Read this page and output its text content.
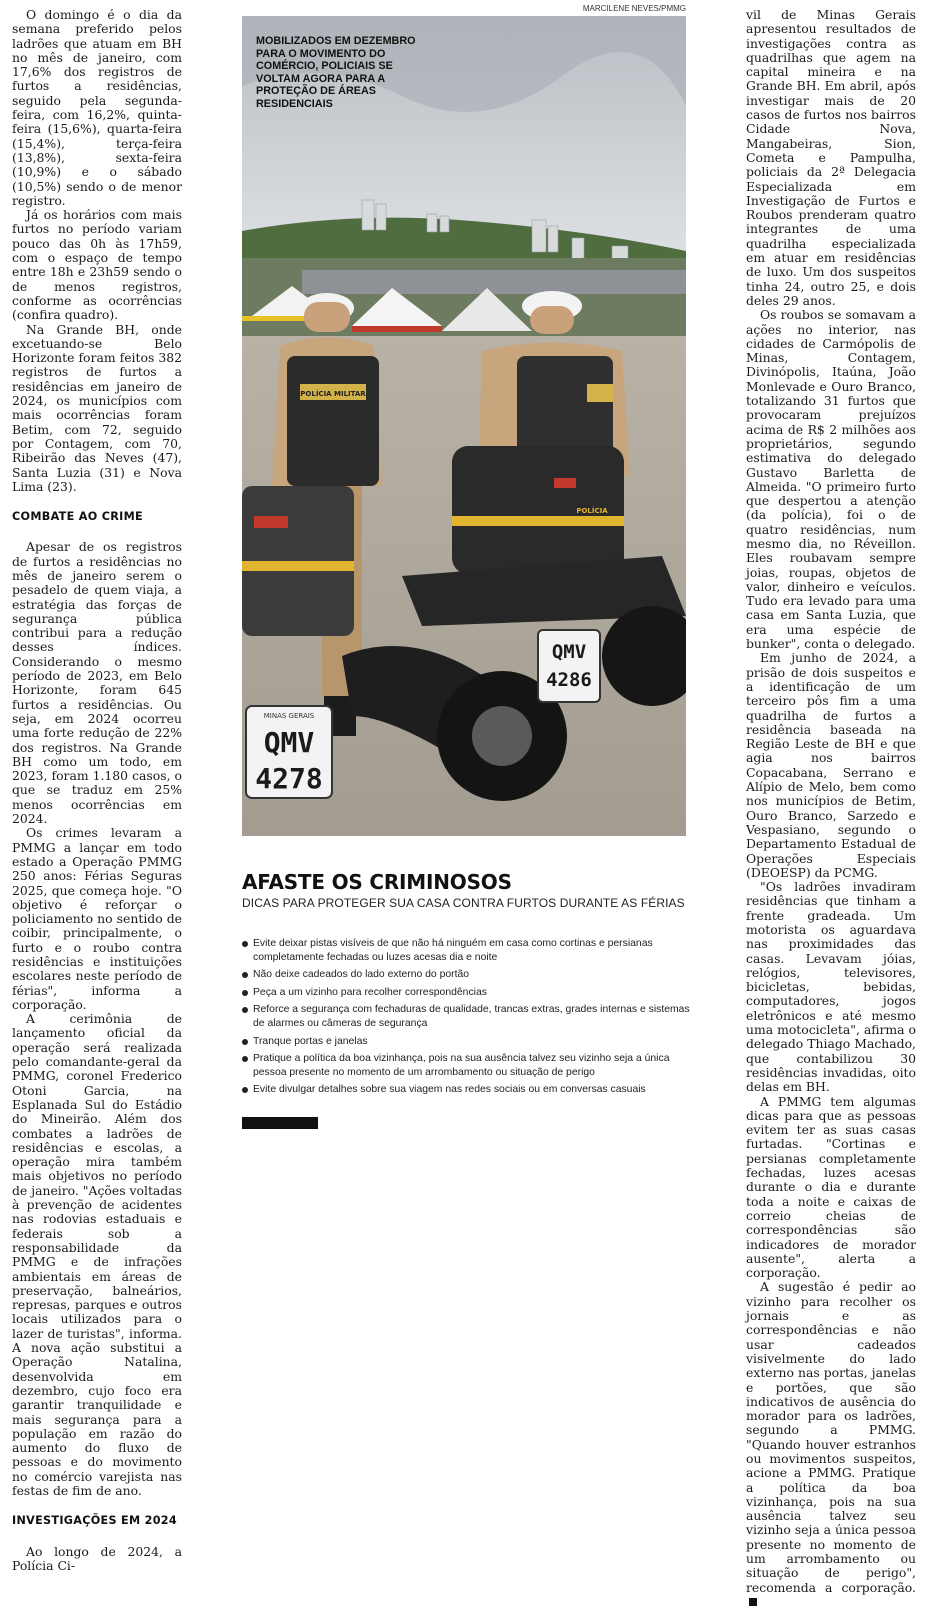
O domingo é o dia da semana preferido pelos ladrões que atuam em BH no mês de janeiro, com 17,6% dos registros de furtos a residências, seguido pela segunda-feira, com 16,2%, quinta-feira (15,6%), quarta-feira (15,4%), terça-feira (13,8%), sexta-feira (10,9%) e o sábado (10,5%) sendo o de menor registro.

Já os horários com mais furtos no período variam pouco das 0h às 17h59, com o espaço de tempo entre 18h e 23h59 sendo o de menos registros, conforme as ocorrências (confira quadro).

Na Grande BH, onde excetuando-se Belo Horizonte foram feitos 382 registros de furtos a residências em janeiro de 2024, os municípios com mais ocorrências foram Betim, com 72, seguido por Contagem, com 70, Ribeirão das Neves (47), Santa Luzia (31) e Nova Lima (23).

COMBATE AO CRIME

Apesar de os registros de furtos a residências no mês de janeiro serem o pesadelo de quem viaja, a estratégia das forças de segurança pública contribui para a redução desses índices. Considerando o mesmo período de 2023, em Belo Horizonte, foram 645 furtos a residências. Ou seja, em 2024 ocorreu uma forte redução de 22% dos registros. Na Grande BH como um todo, em 2023, foram 1.180 casos, o que se traduz em 25% menos ocorrências em 2024.

Os crimes levaram a PMMG a lançar em todo estado a Operação PMMG 250 anos: Férias Seguras 2025, que começa hoje. "O objetivo é reforçar o policiamento no sentido de coibir, principalmente, o furto e o roubo contra residências e instituições escolares neste período de férias", informa a corporação.

A cerimônia de lançamento oficial da operação será realizada pelo comandante-geral da PMMG, coronel Frederico Otoni Garcia, na Esplanada Sul do Estádio do Mineirão. Além dos combates a ladrões de residências e escolas, a operação mira também mais objetivos no período de janeiro. "Ações voltadas à prevenção de acidentes nas rodovias estaduais e federais sob a responsabilidade da PMMG e de infrações ambientais em áreas de preservação, balneários, represas, parques e outros locais utilizados para o lazer de turistas", informa. A nova ação substitui a Operação Natalina, desenvolvida em dezembro, cujo foco era garantir tranquilidade e mais segurança para a população em razão do aumento do fluxo de pessoas e do movimento no comércio varejista nas festas de fim de ano.

INVESTIGAÇÕES EM 2024

Ao longo de 2024, a Polícia Ci-

MARCILENE NEVES/PMMG
POLÍCIA MILITAR
MINAS GERAIS
QMV
4278
POLÍCIA
QMV
4286
MOBILIZADOS EM DEZEMBRO PARA O MOVIMENTO DO COMÉRCIO, POLICIAIS SE VOLTAM AGORA PARA A PROTEÇÃO DE ÁREAS RESIDENCIAIS
AFASTE OS CRIMINOSOS
DICAS PARA PROTEGER SUA CASA CONTRA FURTOS DURANTE AS FÉRIAS
Evite deixar pistas visíveis de que não há ninguém em casa como cortinas e persianas completamente fechadas ou luzes acesas dia e noite
Não deixe cadeados do lado externo do portão
Peça a um vizinho para recolher correspondências
Reforce a segurança com fechaduras de qualidade, trancas extras, grades internas e sistemas de alarmes ou câmeras de segurança
Tranque portas e janelas
Pratique a política da boa vizinhança, pois na sua ausência talvez seu vizinho seja a única pessoa presente no momento de um arrombamento ou situação de perigo
Evite divulgar detalhes sobre sua viagem nas redes sociais ou em conversas casuais

vil de Minas Gerais apresentou resultados de investigações contra as quadrilhas que agem na capital mineira e na Grande BH. Em abril, após investigar mais de 20 casos de furtos nos bairros Cidade Nova, Mangabeiras, Sion, Cometa e Pampulha, policiais da 2ª Delegacia Especializada em Investigação de Furtos e Roubos prenderam quatro integrantes de uma quadrilha especializada em atuar em residências de luxo. Um dos suspeitos tinha 24, outro 25, e dois deles 29 anos.

Os roubos se somavam a ações no interior, nas cidades de Carmópolis de Minas, Contagem, Divinópolis, Itaúna, João Monlevade e Ouro Branco, totalizando 31 furtos que provocaram prejuízos acima de R$ 2 milhões aos proprietários, segundo estimativa do delegado Gustavo Barletta de Almeida. "O primeiro furto que despertou a atenção (da polícia), foi o de quatro residências, num mesmo dia, no Réveillon. Eles roubavam sempre joias, roupas, objetos de valor, dinheiro e veículos. Tudo era levado para uma casa em Santa Luzia, que era uma espécie de bunker", conta o delegado.

Em junho de 2024, a prisão de dois suspeitos e a identificação de um terceiro pôs fim a uma quadrilha de furtos a residência baseada na Região Leste de BH e que agia nos bairros Copacabana, Serrano e Alípio de Melo, bem como nos municípios de Betim, Ouro Branco, Sarzedo e Vespasiano, segundo o Departamento Estadual de Operações Especiais (DEOESP) da PCMG.

"Os ladrões invadiram residências que tinham a frente gradeada. Um motorista os aguardava nas proximidades das casas. Levavam jóias, relógios, televisores, bicicletas, bebidas, computadores, jogos eletrônicos e até mesmo uma motocicleta", afirma o delegado Thiago Machado, que contabilizou 30 residências invadidas, oito delas em BH.

A PMMG tem algumas dicas para que as pessoas evitem ter as suas casas furtadas. "Cortinas e persianas completamente fechadas, luzes acesas durante o dia e durante toda a noite e caixas de correio cheias de correspondências são indicadores de morador ausente", alerta a corporação.

A sugestão é pedir ao vizinho para recolher os jornais e as correspondências e não usar cadeados visivelmente do lado externo nas portas, janelas e portões, que são indicativos de ausência do morador para os ladrões, segundo a PMMG. "Quando houver estranhos ou movimentos suspeitos, acione a PMMG. Pratique a política da boa vizinhança, pois na sua ausência talvez seu vizinho seja a única pessoa presente no momento de um arrombamento ou situação de perigo", recomenda a corporação.
